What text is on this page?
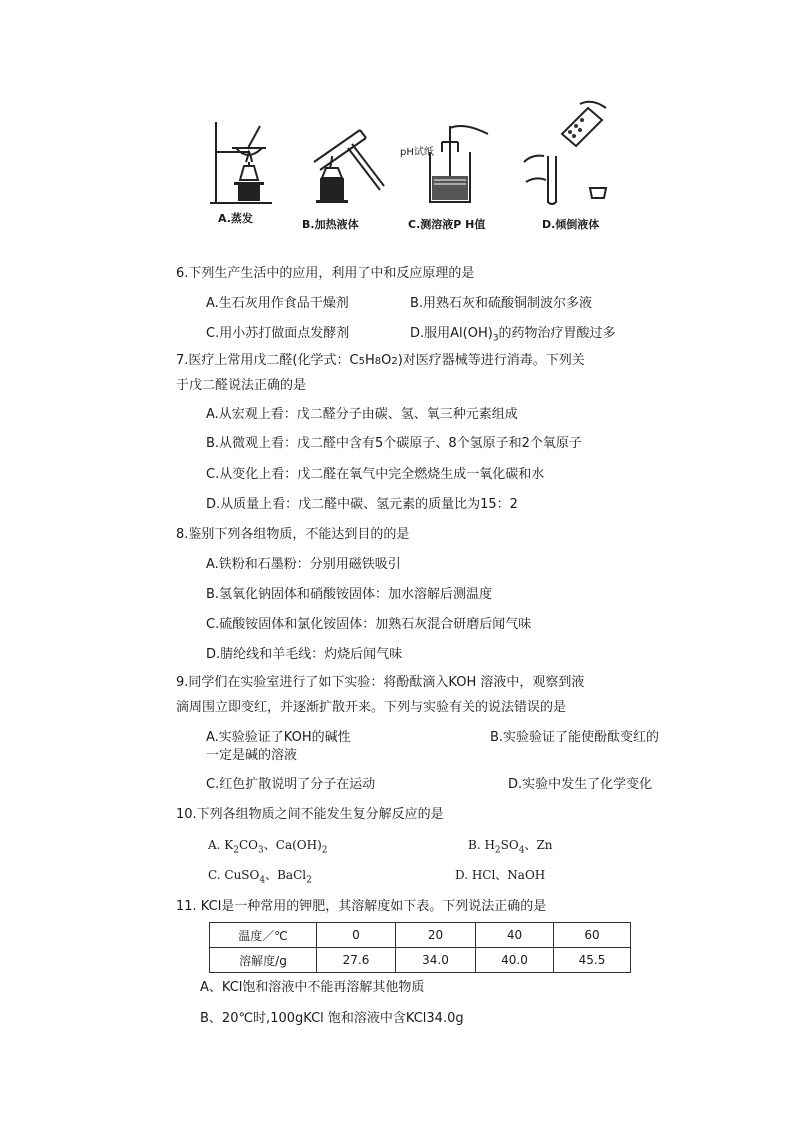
pH试纸
A.蒸发	B.加热液体	C.测溶液P H值	D.倾倒液体
6.下列生产生活中的应用，利用了中和反应原理的是
A.生石灰用作食品干燥剂	B.用熟石灰和硫酸铜制波尔多液
C.用小苏打做面点发酵剂	D.服用$Al(OH)_3$的药物治疗胃酸过多
7.医疗上常用戊二醛(化学式：C5H8O2)对医疗器械等进行消毒。下列关
于戊二醛说法正确的是
A.从宏观上看：戊二醛分子由碳、氢、氧三种元素组成
B.从微观上看：戊二醛中含有5个碳原子、8个氢原子和2个氧原子
C.从变化上看：戊二醛在氧气中完全燃烧生成一氧化碳和水
D.从质量上看：戊二醛中碳、氢元素的质量比为15：2
8.鉴别下列各组物质，不能达到目的的是
A.铁粉和石墨粉：分别用磁铁吸引
B.氢氧化钠固体和硝酸铵固体：加水溶解后测温度
C.硫酸铵固体和氯化铵固体：加熟石灰混合研磨后闻气味
D.腈纶线和羊毛线：灼烧后闻气味
9.同学们在实验室进行了如下实验：将酚酞滴入KOH 溶液中，观察到液
滴周围立即变红，并逐渐扩散开来。下列与实验有关的说法错误的是
A.实验验证了KOH的碱性	B.实验验证了能使酚酞变红的
一定是碱的溶液
C.红色扩散说明了分子在运动	D.实验中发生了化学变化
10.下列各组物质之间不能发生复分解反应的是
A. $K_2CO_3$、$Ca(OH)_2$	B. $H_2SO_4$、Zn
C. CuSO$_4$、BaCl$_2$	D. HCl、NaOH
11. KCl是一种常用的钾肥，其溶解度如下表。下列说法正确的是
温度／℃	0	20	40	60
溶解度/g	27.6	34.0	40.0	45.5
A、KCl饱和溶液中不能再溶解其他物质
B、20℃时,100gKCl 饱和溶液中含KCl34.0g
